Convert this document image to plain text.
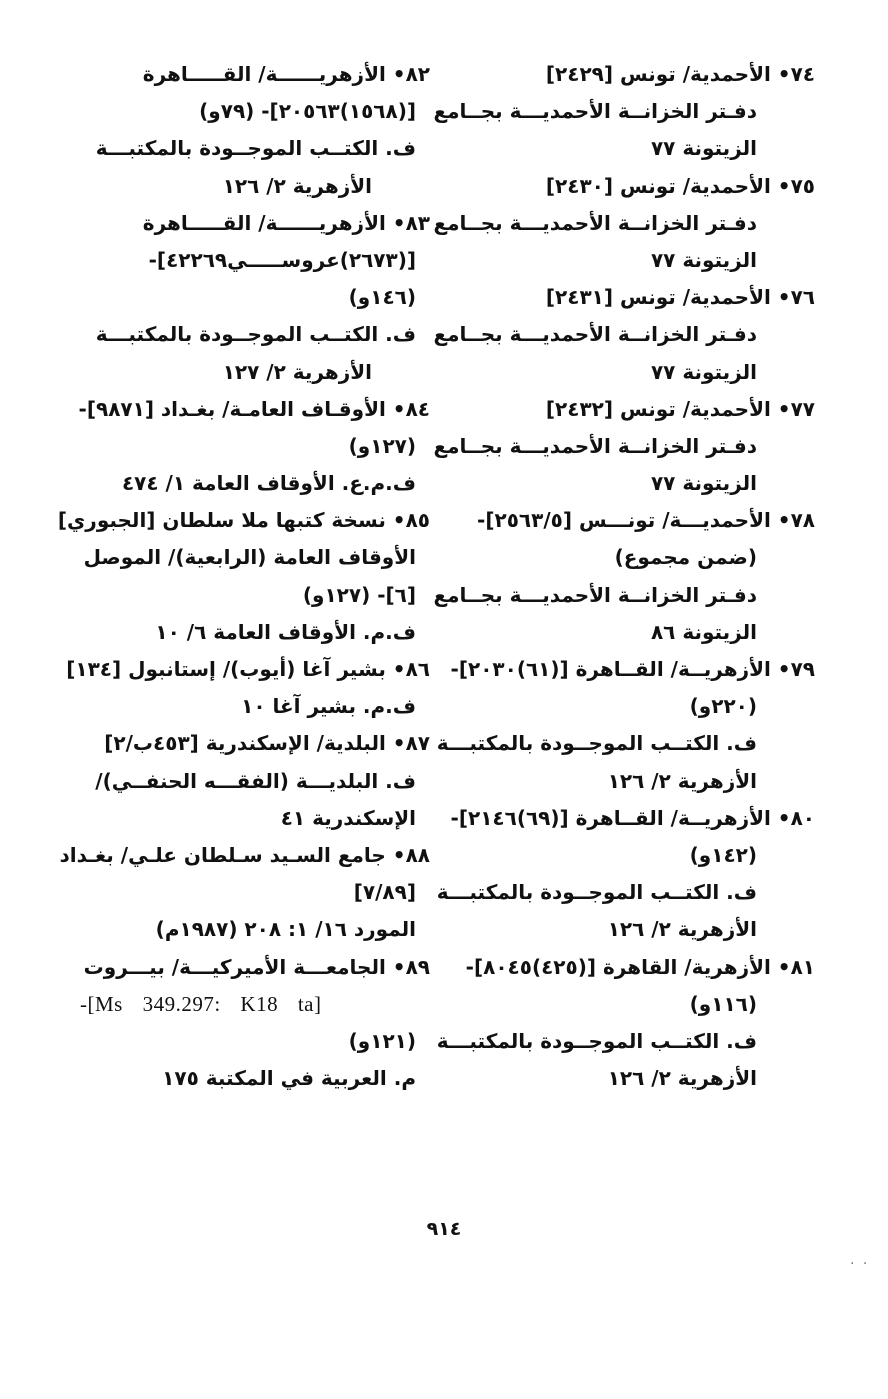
٧٤• الأحمدية/ تونس [٢٤٢٩]
دفـتر الخزانــة الأحمديـــة بجــامع
الزيتونة ٧٧
٧٥• الأحمدية/ تونس [٢٤٣٠]
دفـتر الخزانــة الأحمديـــة بجــامع
الزيتونة ٧٧
٧٦• الأحمدية/ تونس [٢٤٣١]
دفـتر الخزانــة الأحمديـــة بجــامع
الزيتونة ٧٧
٧٧• الأحمدية/ تونس [٢٤٣٢]
دفـتر الخزانــة الأحمديـــة بجــامع
الزيتونة ٧٧
٧٨• الأحمديـــة/ تونـــس [٢٥٦٣/٥]-
(ضمن مجموع)
دفـتر الخزانــة الأحمديـــة بجــامع
الزيتونة ٨٦
٧٩• الأزهريــة/ القــاهرة [(٦١)٢٠٣٠]-
(٢٢٠و)
ف. الكتــب الموجــودة بالمكتبـــة
الأزهرية ٢/ ١٢٦
٨٠• الأزهريــة/ القــاهرة [(٦٩)٢١٤٦]-
(١٤٢و)
ف. الكتــب الموجــودة بالمكتبـــة
الأزهرية ٢/ ١٢٦
٨١• الأزهرية/ القاهرة [(٤٢٥)٨٠٤٥]-
(١١٦و)
ف. الكتــب الموجــودة بالمكتبـــة
الأزهرية ٢/ ١٢٦
٨٢• الأزهريــــــة/ القـــــاهرة
[(١٥٦٨)٢٠٥٦٣]- (٧٩و)
ف. الكتــب الموجــودة بالمكتبـــة
الأزهرية ٢/ ١٢٦
٨٣• الأزهريــــــة/ القـــــاهرة
[(٢٦٧٣)عروســـــي٤٢٢٦٩]-
(١٤٦و)
ف. الكتــب الموجــودة بالمكتبـــة
الأزهرية ٢/ ١٢٧
٨٤• الأوقـاف العامـة/ بغـداد [٩٨٧١]-
(١٢٧و)
ف.م.ع. الأوقاف العامة ١/ ٤٧٤
٨٥• نسخة كتبها ملا سلطان [الجبوري]
الأوقاف العامة (الرابعية)/ الموصل
[٦]- (١٢٧و)
ف.م. الأوقاف العامة ٦/ ١٠
٨٦• بشير آغا (أيوب)/ إستانبول [١٣٤]
ف.م. بشير آغا ١٠
٨٧• البلدية/ الإسكندرية [٤٥٣ب/٢]
ف. البلديـــة (الفقـــه الحنفــي)/
الإسكندرية ٤١
٨٨• جامع السـيد سـلطان علـي/ بغـداد
[٧/٨٩]
المورد ١٦/ ١: ٢٠٨ (١٩٨٧م)
٨٩• الجامعـــة الأميركيـــة/ بيـــروت
-[Ms 349.297: K18 ta]
(١٢١و)
م. العربية في المكتبة ١٧٥
٩١٤
. .
